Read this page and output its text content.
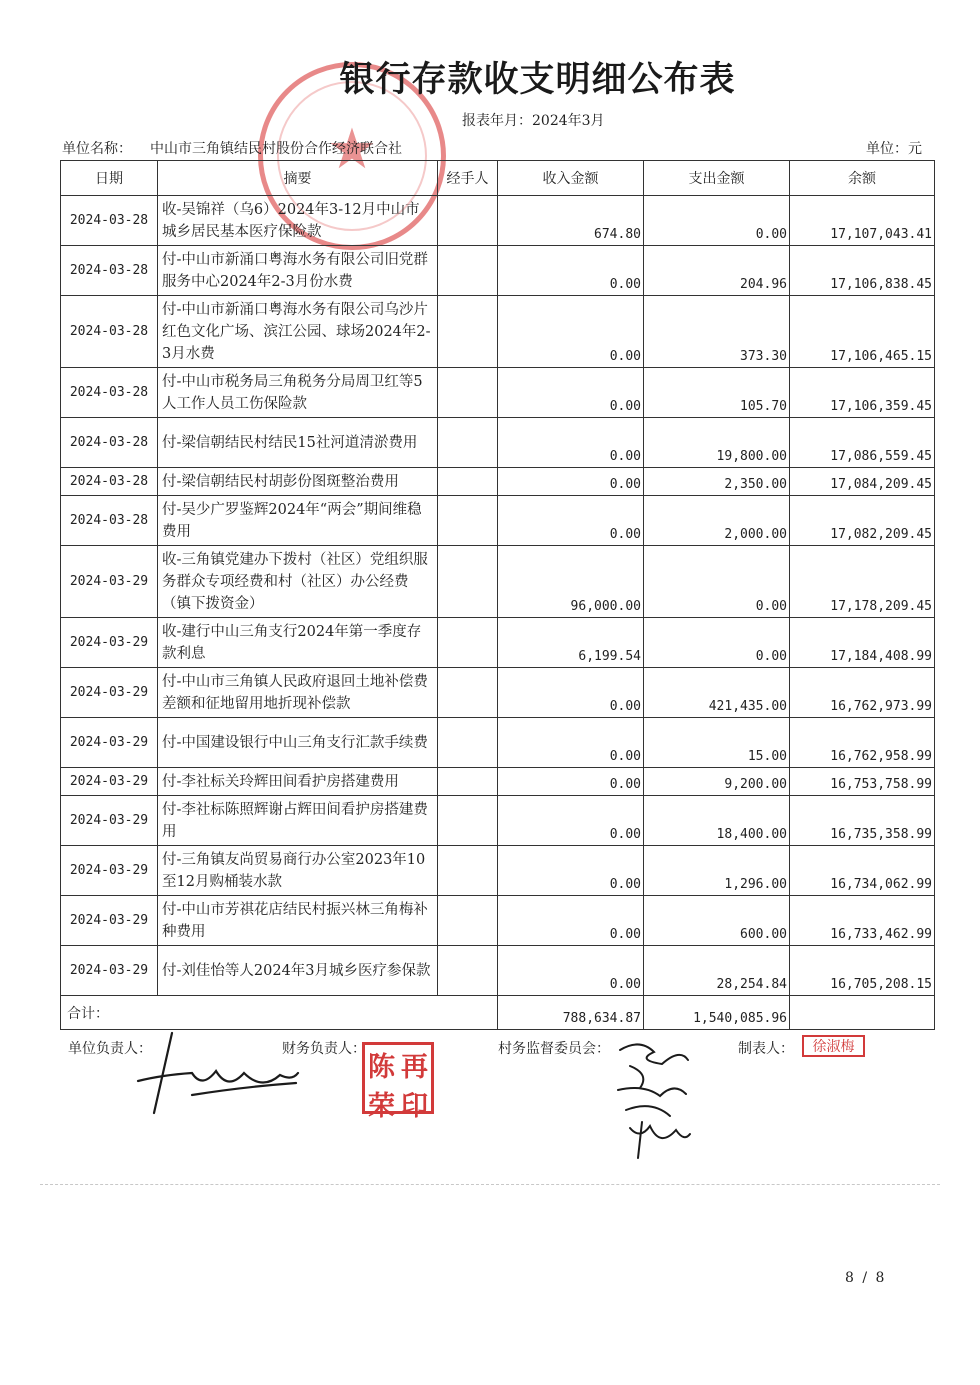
★
银行存款收支明细公布表
报表年月：2024年3月
单位名称： 中山市三角镇结民村股份合作经济联合社	单位：元
日期	摘要	经手人	收入金额	支出金额	余额
2024-03-28	收-吴锦祥（乌6）2024年3-12月中山市城乡居民基本医疗保险款		674.80	0.00	17,107,043.41
2024-03-28	付-中山市新涌口粤海水务有限公司旧党群服务中心2024年2-3月份水费		0.00	204.96	17,106,838.45
2024-03-28	付-中山市新涌口粤海水务有限公司乌沙片红色文化广场、滨江公园、球场2024年2-3月水费		0.00	373.30	17,106,465.15
2024-03-28	付-中山市税务局三角税务分局周卫红等5人工作人员工伤保险款		0.00	105.70	17,106,359.45
2024-03-28	付-梁信朝结民村结民15社河道清淤费用		0.00	19,800.00	17,086,559.45
2024-03-28	付-梁信朝结民村胡彭份图斑整治费用		0.00	2,350.00	17,084,209.45
2024-03-28	付-吴少广罗鉴辉2024年“两会”期间维稳费用		0.00	2,000.00	17,082,209.45
2024-03-29	收-三角镇党建办下拨村（社区）党组织服务群众专项经费和村（社区）办公经费（镇下拨资金）		96,000.00	0.00	17,178,209.45
2024-03-29	收-建行中山三角支行2024年第一季度存款利息		6,199.54	0.00	17,184,408.99
2024-03-29	付-中山市三角镇人民政府退回土地补偿费差额和征地留用地折现补偿款		0.00	421,435.00	16,762,973.99
2024-03-29	付-中国建设银行中山三角支行汇款手续费		0.00	15.00	16,762,958.99
2024-03-29	付-李社标关玲辉田间看护房搭建费用		0.00	9,200.00	16,753,758.99
2024-03-29	付-李社标陈照辉谢占辉田间看护房搭建费用		0.00	18,400.00	16,735,358.99
2024-03-29	付-三角镇友尚贸易商行办公室2023年10至12月购桶装水款		0.00	1,296.00	16,734,062.99
2024-03-29	付-中山市芳祺花店结民村振兴林三角梅补种费用		0.00	600.00	16,733,462.99
2024-03-29	付-刘佳怡等人2024年3月城乡医疗参保款		0.00	28,254.84	16,705,208.15
合计：			788,634.87	1,540,085.96	
单位负责人：	财务负责人：	村务监督委员会：	制表人：
陈 再
荣 印
徐淑梅
8 / 8
